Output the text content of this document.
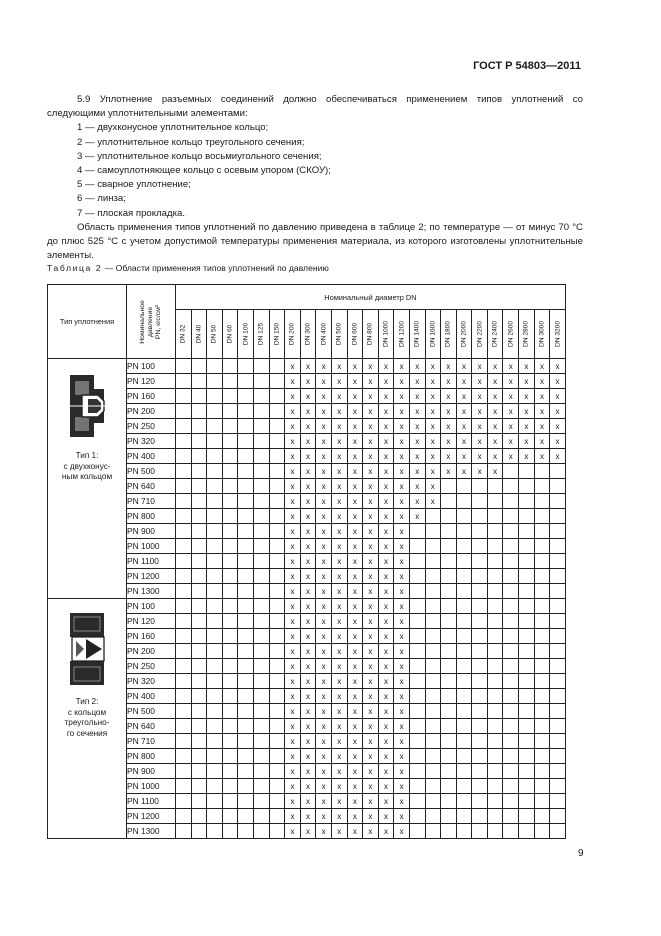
ГОСТ Р 54803—2011

5.9 Уплотнение разъемных соединений должно обеспечиваться применением типов уплотнений со следующими уплотнительными элементами:

1 — двухконусное уплотнительное кольцо;

2 — уплотнительное кольцо треугольного сечения;

3 — уплотнительное кольцо восьмиугольного сечения;

4 — самоуплотняющее кольцо с осевым упором (СКОУ);

5 — сварное уплотнение;

6 — линза;

7 — плоская прокладка.

Область применения типов уплотнений по давлению приведена в таблице 2; по температуре — от минус 70 °С до плюс 525 °С с учетом допустимой температуры применения материала, из которого изготовлены уплотнительные элементы.

Таблица 2 — Области применения типов уплотнений по давлению
Тип уплотнения	Номинальное давление PN, кгс/см²	Номинальный диаметр DN																								

		DN 32	DN 40	DN 50	DN 60	DN 100	DN 125	DN 150	DN 200	DN 300	DN 400	DN 500	DN 600	DN 800	DN 1000	DN 1200	DN 1400	DN 1600	DN 1800	DN 2000	DN 2200	DN 2400	DN 2600	DN 2800	DN 3000	DN 3200

Тип 1:
с двухконус-
ным кольцом	PN 100								x	x	x	x	x	x	x	x	x	x	x	x	x	x	x	x	x	x
	PN 120								x	x	x	x	x	x	x	x	x	x	x	x	x	x	x	x	x	x
	PN 160								x	x	x	x	x	x	x	x	x	x	x	x	x	x	x	x	x	x
	PN 200								x	x	x	x	x	x	x	x	x	x	x	x	x	x	x	x	x	x
	PN 250								x	x	x	x	x	x	x	x	x	x	x	x	x	x	x	x	x	x
	PN 320								x	x	x	x	x	x	x	x	x	x	x	x	x	x	x	x	x	x
	PN 400								x	x	x	x	x	x	x	x	x	x	x	x	x	x	x	x	x	x
	PN 500								x	x	x	x	x	x	x	x	x	x	x	x	x	x				
	PN 640								x	x	x	x	x	x	x	x	x	x								
	PN 710								x	x	x	x	x	x	x	x	x	x								
	PN 800								x	x	x	x	x	x	x	x	x									
	PN 900								x	x	x	x	x	x	x	x										
	PN 1000								x	x	x	x	x	x	x	x										
	PN 1100								x	x	x	x	x	x	x	x										
	PN 1200								x	x	x	x	x	x	x	x										
	PN 1300								x	x	x	x	x	x	x	x										

Тип 2:
с кольцом
треугольно-
го сечения	PN 100								x	x	x	x	x	x	x	x										
	PN 120								x	x	x	x	x	x	x	x										
	PN 160								x	x	x	x	x	x	x	x										
	PN 200								x	x	x	x	x	x	x	x										
	PN 250								x	x	x	x	x	x	x	x										
	PN 320								x	x	x	x	x	x	x	x										
	PN 400								x	x	x	x	x	x	x	x										
	PN 500								x	x	x	x	x	x	x	x										
	PN 640								x	x	x	x	x	x	x	x										
	PN 710								x	x	x	x	x	x	x	x										
	PN 800								x	x	x	x	x	x	x	x										
	PN 900								x	x	x	x	x	x	x	x										
	PN 1000								x	x	x	x	x	x	x	x										
	PN 1100								x	x	x	x	x	x	x	x										
	PN 1200								x	x	x	x	x	x	x	x										
	PN 1300								x	x	x	x	x	x	x	x										
9
